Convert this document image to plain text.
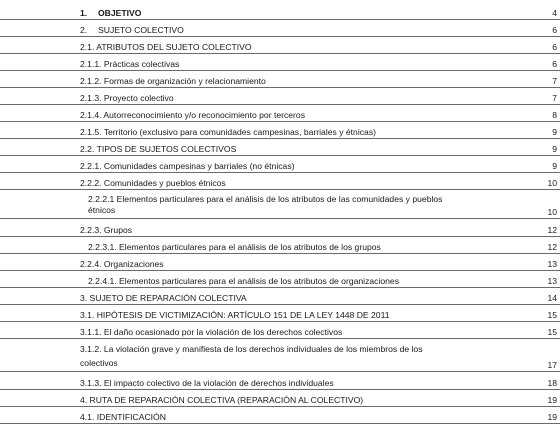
1. OBJETIVO	4
2. SUJETO COLECTIVO	6
2.1. ATRIBUTOS DEL SUJETO COLECTIVO	6
2.1.1. Prácticas colectivas	6
2.1.2. Formas de organización y relacionamiento	7
2.1.3. Proyecto colectivo	7
2.1.4. Autorreconocimiento y/o reconocimiento por terceros	8
2.1.5. Territorio (exclusivo para comunidades campesinas, barriales y étnicas)	9
2.2. TIPOS DE SUJETOS COLECTIVOS	9
2.2.1. Comunidades campesinas y barriales (no étnicas)	9
2.2.2. Comunidades y pueblos étnicos	10
2.2.2.1 Elementos particulares para el análisis de los atributos de las comunidades y pueblos
étnicos	10
2.2.3. Grupos	12
2.2.3.1. Elementos particulares para el análisis de los atributos de los grupos	12
2.2.4. Organizaciones	13
2.2.4.1. Elementos particulares para el análisis de los atributos de organizaciones	13
3. SUJETO DE REPARACIÓN COLECTIVA	14
3.1. HIPÓTESIS DE VICTIMIZACIÓN: ARTÍCULO 151 DE LA LEY 1448 DE 2011	15
3.1.1. El daño ocasionado por la violación de los derechos colectivos	15
3.1.2. La violación grave y manifiesta de los derechos individuales de los miembros de los
colectivos	17
3.1.3. El impacto colectivo de la violación de derechos individuales	18
4. RUTA DE REPARACIÓN COLECTIVA (REPARACIÓN AL COLECTIVO)	19
4.1. IDENTIFICACIÓN	19
